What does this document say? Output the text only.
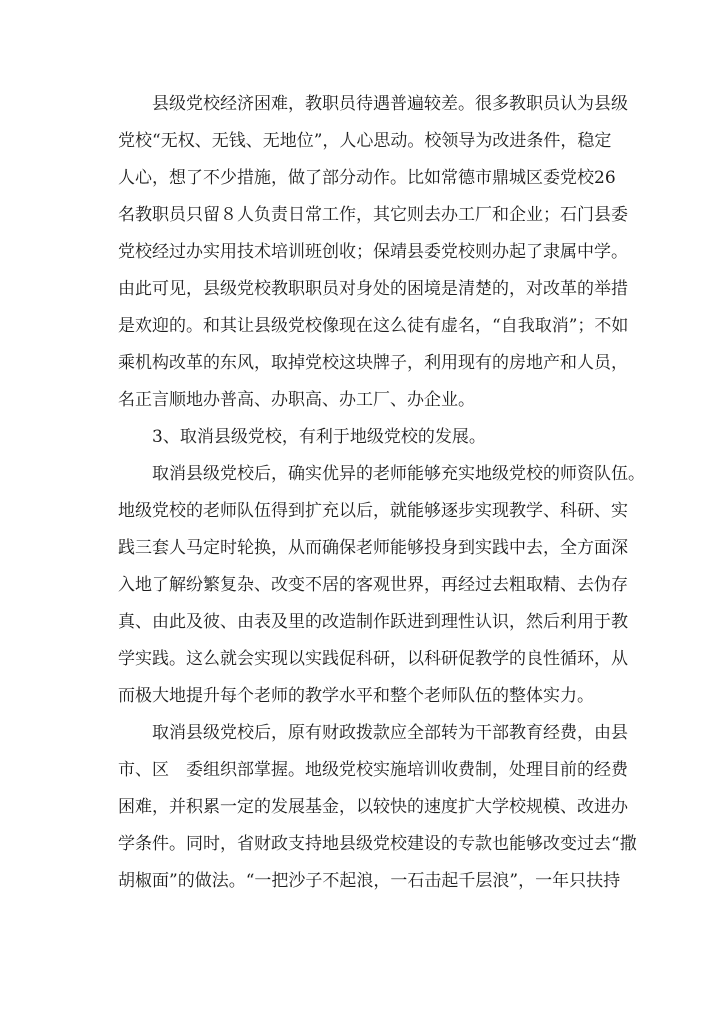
县级党校经济困难，教职员待遇普遍较差。很多教职员认为县级
党校“无权、无钱、无地位”，人心思动。校领导为改进条件，稳定
人心，想了不少措施，做了部分动作。比如常德市鼎城区委党校26
名教职员只留８人负责日常工作，其它则去办工厂和企业；石门县委
党校经过办实用技术培训班创收；保靖县委党校则办起了隶属中学。
由此可见，县级党校教职职员对身处的困境是清楚的，对改革的举措
是欢迎的。和其让县级党校像现在这么徒有虚名，“自我取消”；不如
乘机构改革的东风，取掉党校这块牌子，利用现有的房地产和人员，
名正言顺地办普高、办职高、办工厂、办企业。
3、取消县级党校，有利于地级党校的发展。
取消县级党校后，确实优异的老师能够充实地级党校的师资队伍。
地级党校的老师队伍得到扩充以后，就能够逐步实现教学、科研、实
践三套人马定时轮换，从而确保老师能够投身到实践中去，全方面深
入地了解纷繁复杂、改变不居的客观世界，再经过去粗取精、去伪存
真、由此及彼、由表及里的改造制作跃进到理性认识，然后利用于教
学实践。这么就会实现以实践促科研，以科研促教学的良性循环，从
而极大地提升每个老师的教学水平和整个老师队伍的整体实力。
取消县级党校后，原有财政拨款应全部转为干部教育经费，由县
市、区　委组织部掌握。地级党校实施培训收费制，处理目前的经费
困难，并积累一定的发展基金，以较快的速度扩大学校规模、改进办
学条件。同时，省财政支持地县级党校建设的专款也能够改变过去“撒
胡椒面”的做法。“一把沙子不起浪，一石击起千层浪”，一年只扶持
